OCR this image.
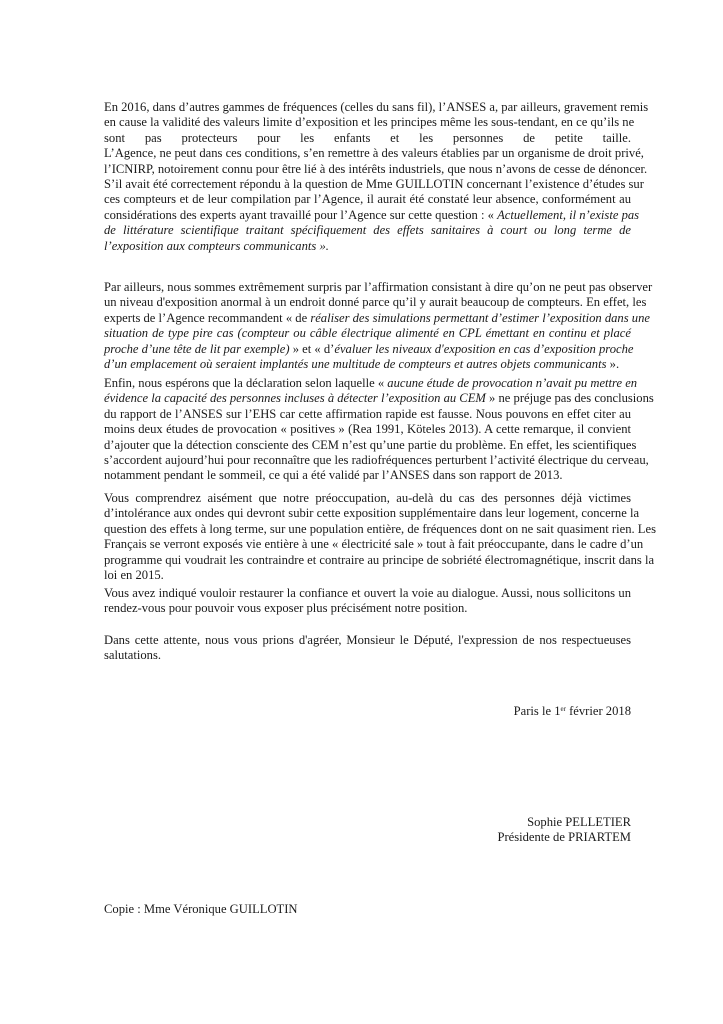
En 2016, dans d’autres gammes de fréquences (celles du sans fil), l’ANSES a, par ailleurs, gravement remis
en cause la validité des valeurs limite d’exposition et les principes même les sous-tendant, en ce qu’ils ne
sont pas protecteurs pour les enfants et les personnes de petite taille.
L’Agence, ne peut dans ces conditions, s’en remettre à des valeurs établies par un organisme de droit privé,
l’ICNIRP, notoirement connu pour être lié à des intérêts industriels, que nous n’avons de cesse de dénoncer.
S’il avait été correctement répondu à la question de Mme GUILLOTIN concernant l’existence d’études sur
ces compteurs et de leur compilation par l’Agence, il aurait été constaté leur absence, conformément au
considérations des experts ayant travaillé pour l’Agence sur cette question : « Actuellement, il n’existe pas
de littérature scientifique traitant spécifiquement des effets sanitaires à court ou long terme de
l’exposition aux compteurs communicants ».
Par ailleurs, nous sommes extrêmement surpris par l’affirmation consistant à dire qu’on ne peut pas observer
un niveau d'exposition anormal à un endroit donné parce qu’il y aurait beaucoup de compteurs. En effet, les
experts de l’Agence recommandent « de réaliser des simulations permettant d’estimer l’exposition dans une
situation de type pire cas (compteur ou câble électrique alimenté en CPL émettant en continu et placé
proche d’une tête de lit par exemple) » et « d’évaluer les niveaux d'exposition en cas d’exposition proche
d’un emplacement où seraient implantés une multitude de compteurs et autres objets communicants ».
Enfin, nous espérons que la déclaration selon laquelle « aucune étude de provocation n’avait pu mettre en
évidence la capacité des personnes incluses à détecter l’exposition au CEM » ne préjuge pas des conclusions
du rapport de l’ANSES sur l’EHS car cette affirmation rapide est fausse. Nous pouvons en effet citer au
moins deux études de provocation « positives » (Rea 1991, Köteles 2013). A cette remarque, il convient
d’ajouter que la détection consciente des CEM n’est qu’une partie du problème. En effet, les scientifiques
s’accordent aujourd’hui pour reconnaître que les radiofréquences perturbent l’activité électrique du cerveau,
notamment pendant le sommeil, ce qui a été validé par l’ANSES dans son rapport de 2013.
Vous comprendrez aisément que notre préoccupation, au-delà du cas des personnes déjà victimes
d’intolérance aux ondes qui devront subir cette exposition supplémentaire dans leur logement, concerne la
question des effets à long terme, sur une population entière, de fréquences dont on ne sait quasiment rien. Les
Français se verront exposés vie entière à une « électricité sale » tout à fait préoccupante, dans le cadre d’un
programme qui voudrait les contraindre et contraire au principe de sobriété électromagnétique, inscrit dans la
loi en 2015.
Vous avez indiqué vouloir restaurer la confiance et ouvert la voie au dialogue. Aussi, nous sollicitons un
rendez-vous pour pouvoir vous exposer plus précisément notre position.
Dans cette attente, nous vous prions d'agréer, Monsieur le Député, l'expression de nos respectueuses
salutations.
Paris le 1er février 2018
Sophie PELLETIER
Présidente de PRIARTEM
Copie : Mme Véronique GUILLOTIN
